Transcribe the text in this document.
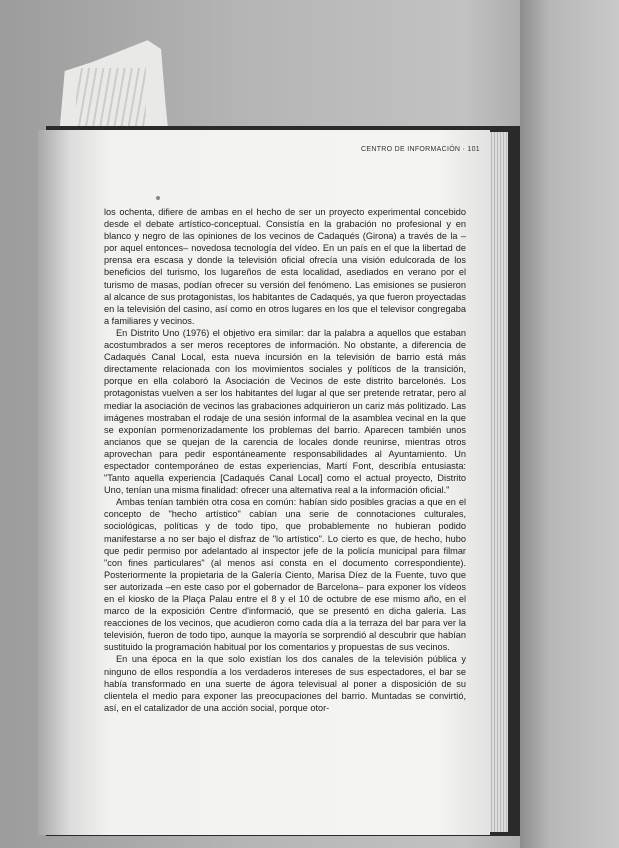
CENTRO DE INFORMACIÓN · 101

los ochenta, difiere de ambas en el hecho de ser un proyecto experimental concebido desde el debate artístico-conceptual. Consistía en la grabación no profesional y en blanco y negro de las opiniones de los vecinos de Cadaqués (Girona) a través de la –por aquel entonces– novedosa tecnología del vídeo. En un país en el que la libertad de prensa era escasa y donde la televisión oficial ofrecía una visión edulcorada de los beneficios del turismo, los lugareños de esta localidad, asediados en verano por el turismo de masas, podían ofrecer su versión del fenómeno. Las emisiones se pusieron al alcance de sus protagonistas, los habitantes de Cadaqués, ya que fueron proyectadas en la televisión del casino, así como en otros lugares en los que el televisor congregaba a familiares y vecinos.

En Distrito Uno (1976) el objetivo era similar: dar la palabra a aquellos que estaban acostumbrados a ser meros receptores de información. No obstante, a diferencia de Cadaqués Canal Local, esta nueva incursión en la televisión de barrio está más directamente relacionada con los movimientos sociales y políticos de la transición, porque en ella colaboró la Asociación de Vecinos de este distrito barcelonés. Los protagonistas vuelven a ser los habitantes del lugar al que ser pretende retratar, pero al mediar la asociación de vecinos las grabaciones adquirieron un cariz más politizado. Las imágenes mostraban el rodaje de una sesión informal de la asamblea vecinal en la que se exponían pormenorizadamente los problemas del barrio. Aparecen también unos ancianos que se quejan de la carencia de locales donde reunirse, mientras otros aprovechan para pedir espontáneamente responsabilidades al Ayuntamiento. Un espectador contemporáneo de estas experiencias, Martí Font, describía entusiasta: "Tanto aquella experiencia [Cadaqués Canal Local] como el actual proyecto, Distrito Uno, tenían una misma finalidad: ofrecer una alternativa real a la información oficial."

Ambas tenían también otra cosa en común: habían sido posibles gracias a que en el concepto de "hecho artístico" cabían una serie de connotaciones culturales, sociológicas, políticas y de todo tipo, que probablemente no hubieran podido manifestarse a no ser bajo el disfraz de "lo artístico". Lo cierto es que, de hecho, hubo que pedir permiso por adelantado al inspector jefe de la policía municipal para filmar "con fines particulares" (al menos así consta en el documento correspondiente). Posteriormente la propietaria de la Galería Ciento, Marisa Díez de la Fuente, tuvo que ser autorizada –en este caso por el gobernador de Barcelona– para exponer los vídeos en el kiosko de la Plaça Palau entre el 8 y el 10 de octubre de ese mismo año, en el marco de la exposición Centre d'informació, que se presentó en dicha galería. Las reacciones de los vecinos, que acudieron como cada día a la terraza del bar para ver la televisión, fueron de todo tipo, aunque la mayoría se sorprendió al descubrir que habían sustituido la programación habitual por los comentarios y propuestas de sus vecinos.

En una época en la que solo existían los dos canales de la televisión pública y ninguno de ellos respondía a los verdaderos intereses de sus espectadores, el bar se había transformado en una suerte de ágora televisual al poner a disposición de su clientela el medio para exponer las preocupaciones del barrio. Muntadas se convirtió, así, en el catalizador de una acción social, porque otor-
